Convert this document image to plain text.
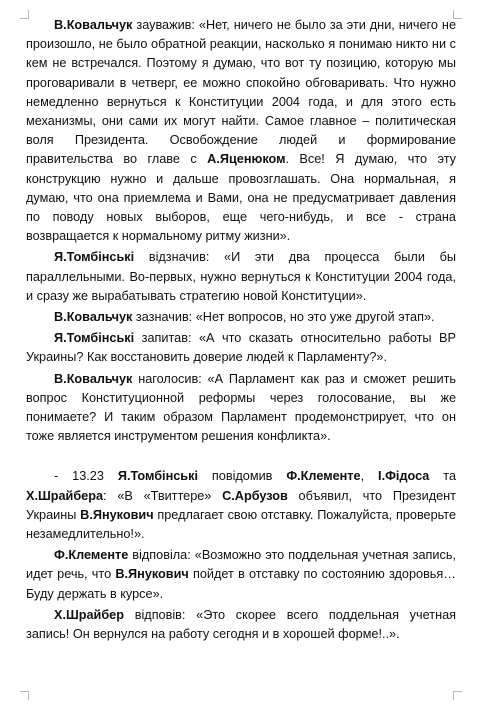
В.Ковальчук зауважив: «Нет, ничего не было за эти дни, ничего не произошло, не было обратной реакции, насколько я понимаю никто ни с кем не встречался. Поэтому я думаю, что вот ту позицию, которую мы проговаривали в четверг, ее можно спокойно обговаривать. Что нужно немедленно вернуться к Конституции 2004 года, и для этого есть механизмы, они сами их могут найти. Самое главное – политическая воля Президента. Освобождение людей и формирование правительства во главе с А.Яценюком. Все! Я думаю, что эту конструкцию нужно и дальше провозглашать. Она нормальная, я думаю, что она приемлема и Вами, она не предусматривает давления по поводу новых выборов, еще чего-нибудь, и все - страна возвращается к нормальному ритму жизни».

Я.Томбінські відзначив: «И эти два процесса были бы параллельными. Во-первых, нужно вернуться к Конституции 2004 года, и сразу же вырабатывать стратегию новой Конституции».

В.Ковальчук зазначив: «Нет вопросов, но это уже другой этап».

Я.Томбінські запитав: «А что сказать относительно работы ВР Украины? Как восстановить доверие людей к Парламенту?».

В.Ковальчук наголосив: «А Парламент как раз и сможет решить вопрос Конституционной реформы через голосование, вы же понимаете? И таким образом Парламент продемонстрирует, что он тоже является инструментом решения конфликта».

- 13.23 Я.Томбінські повідомив Ф.Клементе, І.Фідоса та Х.Шрайбера: «В «Твиттере» С.Арбузов объявил, что Президент Украины В.Янукович предлагает свою отставку. Пожалуйста, проверьте незамедлительно!».

Ф.Клементе відповіла: «Возможно это поддельная учетная запись, идет речь, что В.Янукович пойдет в отставку по состоянию здоровья… Буду держать в курсе».

Х.Шрайбер відповів: «Это скорее всего поддельная учетная запись! Он вернулся на работу сегодня и в хорошей форме!..».
